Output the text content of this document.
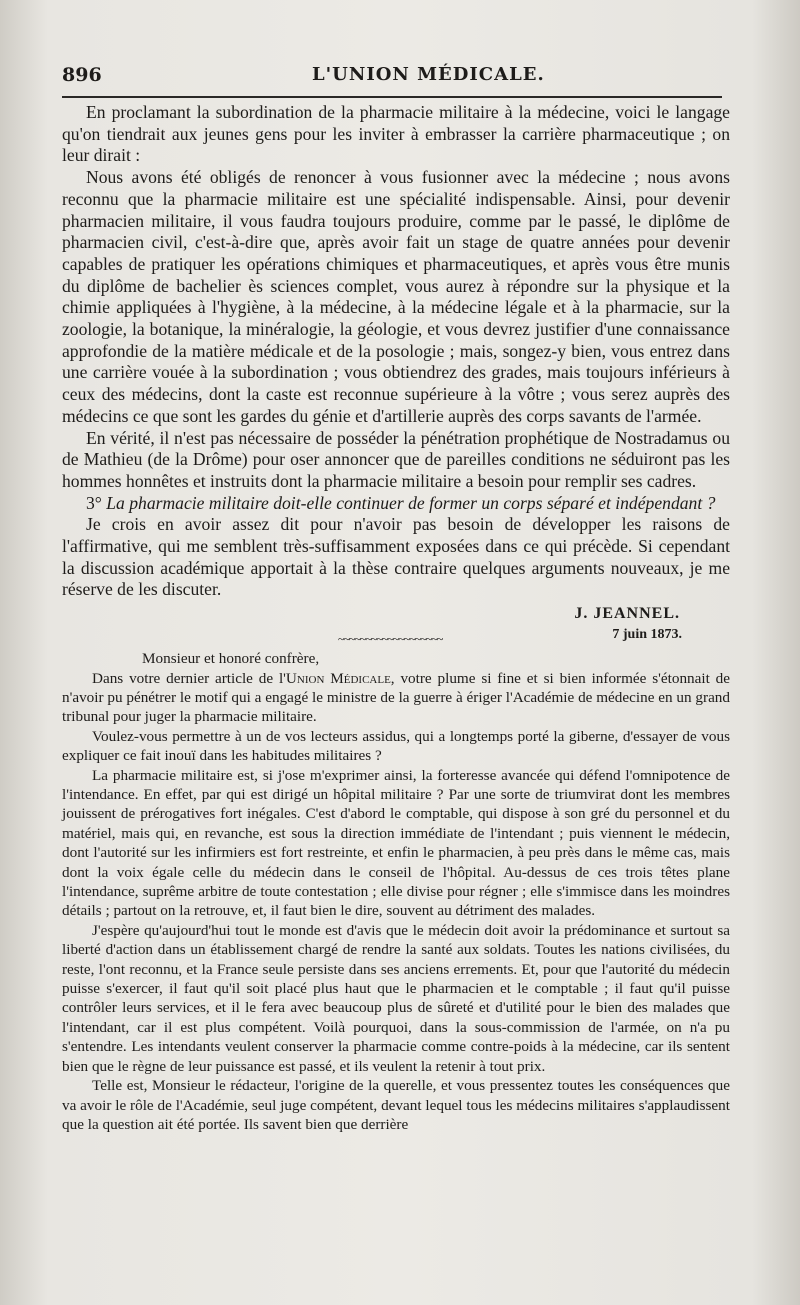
896	L'UNION MÉDICALE.

En proclamant la subordination de la pharmacie militaire à la médecine, voici le langage qu'on tiendrait aux jeunes gens pour les inviter à embrasser la carrière pharmaceutique ; on leur dirait :

Nous avons été obligés de renoncer à vous fusionner avec la médecine ; nous avons reconnu que la pharmacie militaire est une spécialité indispensable. Ainsi, pour devenir pharmacien militaire, il vous faudra toujours produire, comme par le passé, le diplôme de pharmacien civil, c'est-à-dire que, après avoir fait un stage de quatre années pour devenir capables de pratiquer les opérations chimiques et pharmaceutiques, et après vous être munis du diplôme de bachelier ès sciences complet, vous aurez à répondre sur la physique et la chimie appliquées à l'hygiène, à la médecine, à la médecine légale et à la pharmacie, sur la zoologie, la botanique, la minéralogie, la géologie, et vous devrez justifier d'une connaissance approfondie de la matière médicale et de la posologie ; mais, songez-y bien, vous entrez dans une carrière vouée à la subordination ; vous obtiendrez des grades, mais toujours inférieurs à ceux des médecins, dont la caste est reconnue supérieure à la vôtre ; vous serez auprès des médecins ce que sont les gardes du génie et d'artillerie auprès des corps savants de l'armée.

En vérité, il n'est pas nécessaire de posséder la pénétration prophétique de Nostradamus ou de Mathieu (de la Drôme) pour oser annoncer que de pareilles conditions ne séduiront pas les hommes honnêtes et instruits dont la pharmacie militaire a besoin pour remplir ses cadres.

3° La pharmacie militaire doit-elle continuer de former un corps séparé et indépendant ?

Je crois en avoir assez dit pour n'avoir pas besoin de développer les raisons de l'affirmative, qui me semblent très-suffisamment exposées dans ce qui précède. Si cependant la discussion académique apportait à la thèse contraire quelques arguments nouveaux, je me réserve de les discuter.

J. JEANNEL.
~~~~~~~~~~~~~~~~~~~	7 juin 1873.
Monsieur et honoré confrère,

Dans votre dernier article de l'Union Médicale, votre plume si fine et si bien informée s'étonnait de n'avoir pu pénétrer le motif qui a engagé le ministre de la guerre à ériger l'Académie de médecine en un grand tribunal pour juger la pharmacie militaire.

Voulez-vous permettre à un de vos lecteurs assidus, qui a longtemps porté la giberne, d'essayer de vous expliquer ce fait inouï dans les habitudes militaires ?

La pharmacie militaire est, si j'ose m'exprimer ainsi, la forteresse avancée qui défend l'omnipotence de l'intendance. En effet, par qui est dirigé un hôpital militaire ? Par une sorte de triumvirat dont les membres jouissent de prérogatives fort inégales. C'est d'abord le comptable, qui dispose à son gré du personnel et du matériel, mais qui, en revanche, est sous la direction immédiate de l'intendant ; puis viennent le médecin, dont l'autorité sur les infirmiers est fort restreinte, et enfin le pharmacien, à peu près dans le même cas, mais dont la voix égale celle du médecin dans le conseil de l'hôpital. Au-dessus de ces trois têtes plane l'intendance, suprême arbitre de toute contestation ; elle divise pour régner ; elle s'immisce dans les moindres détails ; partout on la retrouve, et, il faut bien le dire, souvent au détriment des malades.

J'espère qu'aujourd'hui tout le monde est d'avis que le médecin doit avoir la prédominance et surtout sa liberté d'action dans un établissement chargé de rendre la santé aux soldats. Toutes les nations civilisées, du reste, l'ont reconnu, et la France seule persiste dans ses anciens errements. Et, pour que l'autorité du médecin puisse s'exercer, il faut qu'il soit placé plus haut que le pharmacien et le comptable ; il faut qu'il puisse contrôler leurs services, et il le fera avec beaucoup plus de sûreté et d'utilité pour le bien des malades que l'intendant, car il est plus compétent. Voilà pourquoi, dans la sous-commission de l'armée, on n'a pu s'entendre. Les intendants veulent conserver la pharmacie comme contre-poids à la médecine, car ils sentent bien que le règne de leur puissance est passé, et ils veulent la retenir à tout prix.

Telle est, Monsieur le rédacteur, l'origine de la querelle, et vous pressentez toutes les conséquences que va avoir le rôle de l'Académie, seul juge compétent, devant lequel tous les médecins militaires s'applaudissent que la question ait été portée. Ils savent bien que derrière
